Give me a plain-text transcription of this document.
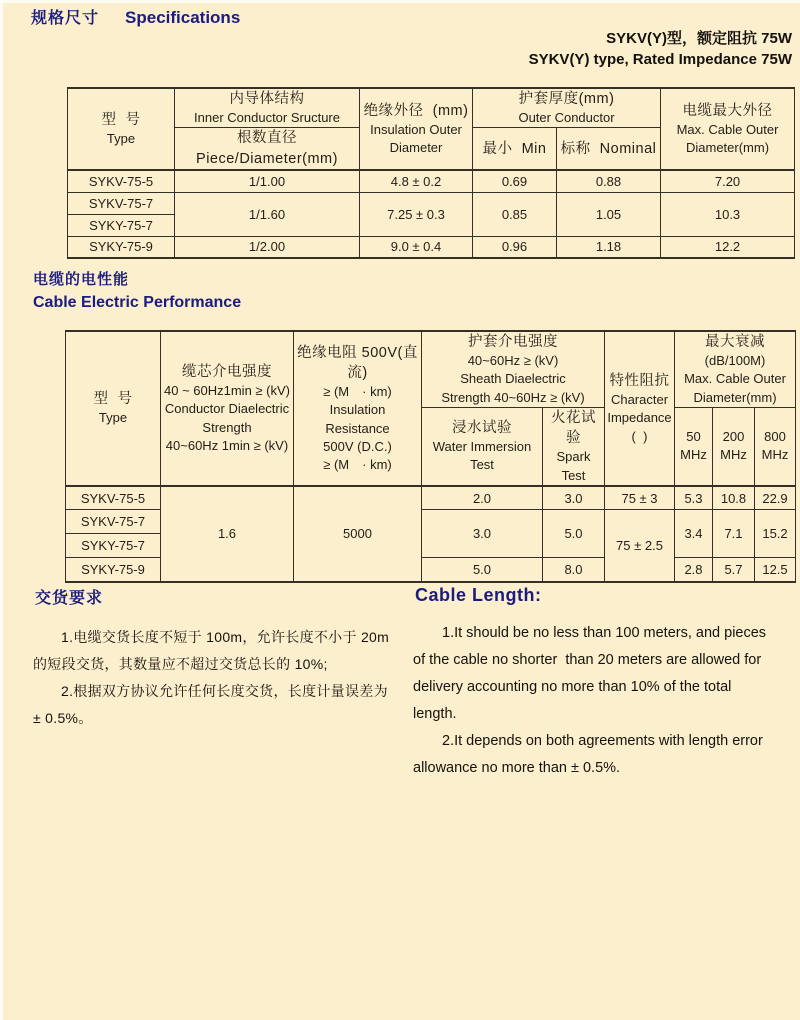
规格尺寸 Specifications
SYKV(Y)型，额定阻抗 75W
SYKV(Y) type, Rated Impedance 75W
型  号
Type	内导体结构
Inner Conductor Sructure	绝缘外径  (mm)
Insulation Outer
Diameter	护套厚度(mm)
Outer Conductor		电缆最大外径
Max. Cable Outer
Diameter(mm)

	根数直径　Piece/Diameter(mm)		最小  Min	标称  Nominal	

SYKV-75-5	1/1.00	4.8 ± 0.2	0.69	0.88	7.20
SYKV-75-7	1/1.60	7.25 ± 0.3	0.85	1.05	10.3
SYKY-75-7					
SYKY-75-9	1/2.00	9.0 ± 0.4	0.96	1.18	12.2
电缆的电性能
Cable Electric Performance
型  号
Type	缆芯介电强度
40 ~ 60Hz1min ≥ (kV)
Conductor Diaelectric
Strength
40~60Hz 1min ≥ (kV)	绝缘电阻 500V(直流)
≥ (M　· km)
Insulation Resistance
500V (D.C.)
≥ (M　· km)	护套介电强度
40~60Hz ≥ (kV)
Sheath Diaelectric
Strength 40~60Hz ≥ (kV)		特性阻抗
Character
Impedance
(  )	最大衰减
(dB/100M)
Max. Cable Outer
Diameter(mm)		

			浸水试验
Water Immersion Test	火花试验
Spark Test		50
MHz	200
MHz	800
MHz

SYKV-75-5	1.6	5000	2.0	3.0	75 ± 3	5.3	10.8	22.9
SYKV-75-7			3.0	5.0	75 ± 2.5	3.4	7.1	15.2
SYKY-75-7								
SYKY-75-9			5.0	8.0		2.8	5.7	12.5
交货要求

1.电缆交货长度不短于 100m，允许长度不小于 20m 的短段交货，其数量应不超过交货总长的 10%;

2.根据双方协议允许任何长度交货，长度计量误差为 ± 0.5%。

Cable Length:

1.It should be no less than 100 meters, and pieces of the cable no shorter  than 20 meters are allowed for delivery accounting no more than 10% of the total length.

2.It depends on both agreements with length error allowance no more than ± 0.5%.
